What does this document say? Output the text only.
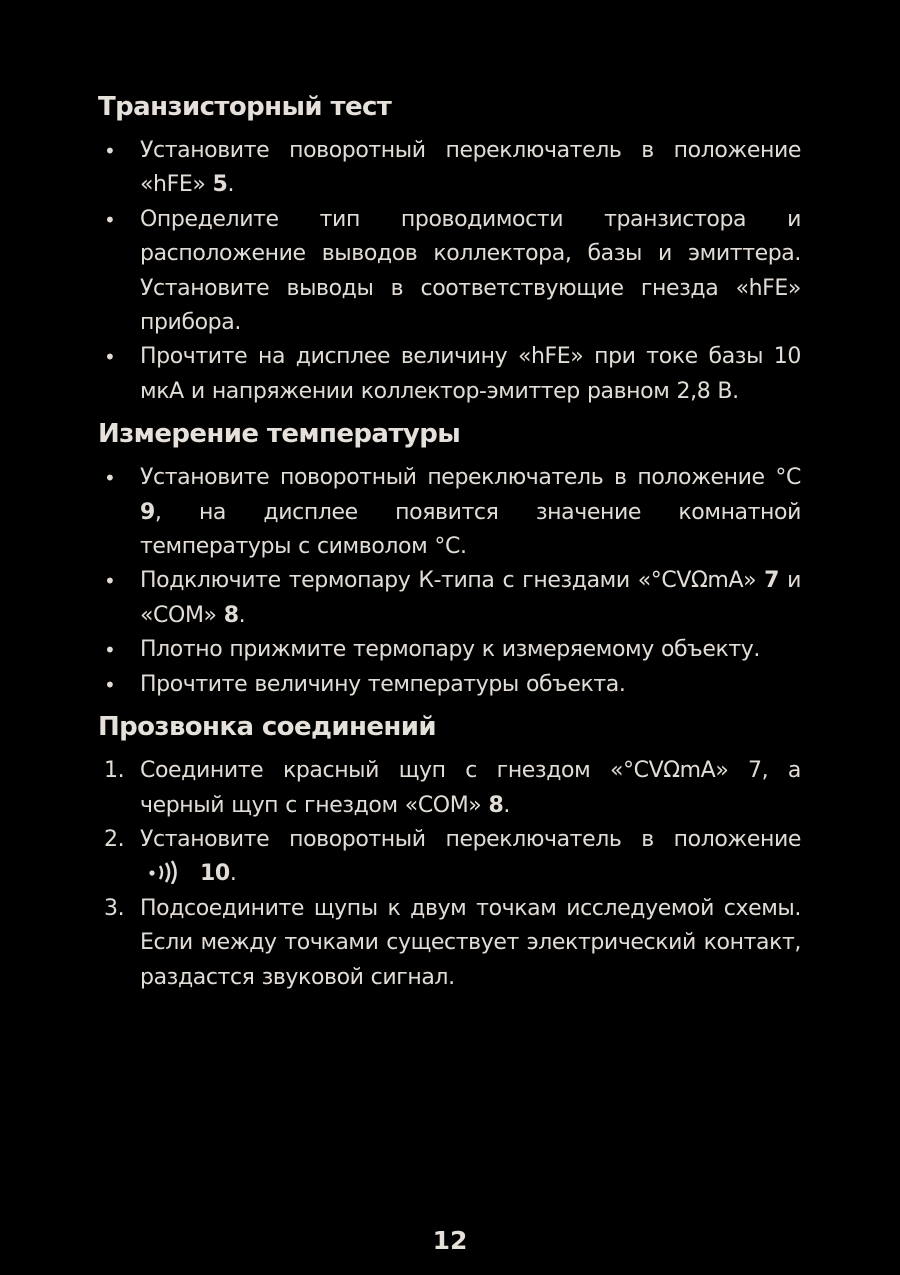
Транзисторный тест
•	Установите поворотный переключатель в положение «hFE» 5.
•	Определите тип проводимости транзистора и расположение выводов коллектора, базы и эмиттера. Установите выводы в соответствующие гнезда «hFE» прибора.
•	Прочтите на дисплее величину «hFE» при токе базы 10 мкА и напряжении коллектор-эмиттер равном 2,8 В.
Измерение температуры
•	Установите поворотный переключатель в положение °C 9, на дисплее появится значение комнатной температуры с символом °C.
•	Подключите термопару К-типа с гнездами «°CVΩmA» 7 и «COM» 8.
•	Плотно прижмите термопару к измеряемому объекту.
•	Прочтите величину температуры объекта.
Прозвонка соединений
1. Соедините красный щуп с гнездом «°CVΩmA» 7, а черный щуп с гнездом «COM» 8.
2. Установите поворотный переключатель в положение10.
3. Подсоедините щупы к двум точкам исследуемой схемы. Если между точками существует электрический контакт, раздастся звуковой сигнал.
12
